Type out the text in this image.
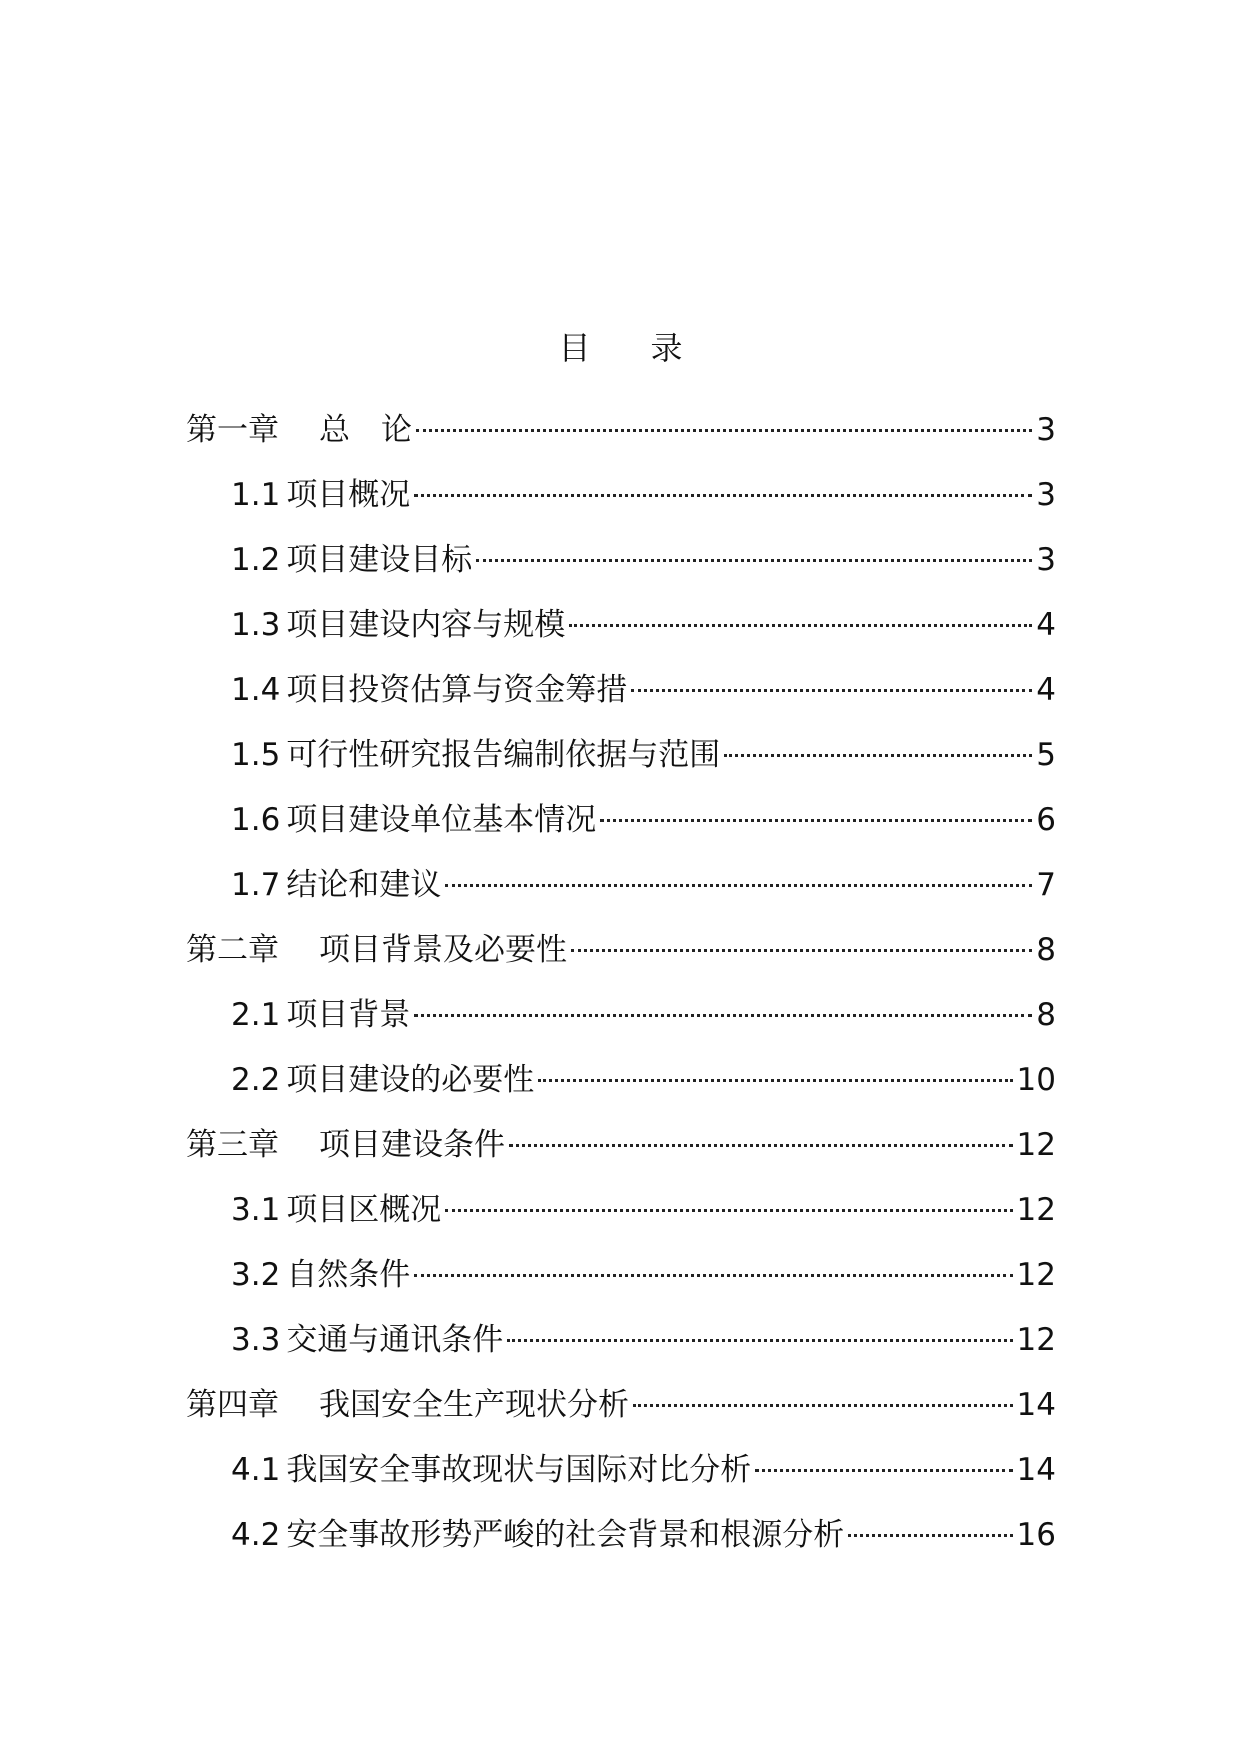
目 录
第一章 总　论	3
1.1 项目概况	3
1.2 项目建设目标	3
1.3 项目建设内容与规模	4
1.4 项目投资估算与资金筹措	4
1.5 可行性研究报告编制依据与范围	5
1.6 项目建设单位基本情况	6
1.7 结论和建议	7
第二章 项目背景及必要性	8
2.1 项目背景	8
2.2 项目建设的必要性	10
第三章 项目建设条件	12
3.1 项目区概况	12
3.2 自然条件	12
3.3 交通与通讯条件	12
第四章 我国安全生产现状分析	14
4.1 我国安全事故现状与国际对比分析	14
4.2 安全事故形势严峻的社会背景和根源分析	16
